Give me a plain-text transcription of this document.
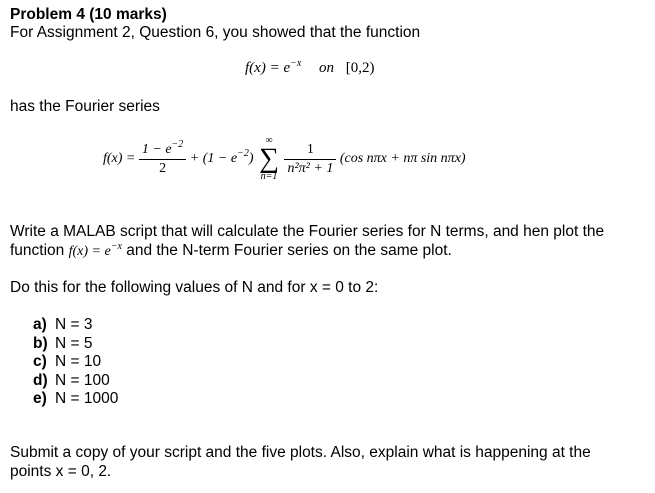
Problem 4 (10 marks)
For Assignment 2, Question 6, you showed that the function
$f(x) = e^{-x}$ on [0,2)
has the Fourier series
$f(x) = \frac{1 - e^{-2}}{2} + (1 - e^{-2})$
∞
∑
n=1
$\frac{1}{\text{n²π² + 1}} (\cos$ nπx + nπ sin nπx)
Write a MALAB script that will calculate the Fourier series for N terms, and hen plot the
function $f(x) = e^{-x}$ and the N-term Fourier series on the same plot.
Do this for the following values of N and for x = 0 to 2:
a) N = 3
b) N = 5
c) N = 10
d) N = 100
e) N = 1000
Submit a copy of your script and the five plots. Also, explain what is happening at the
points x = 0, 2.
